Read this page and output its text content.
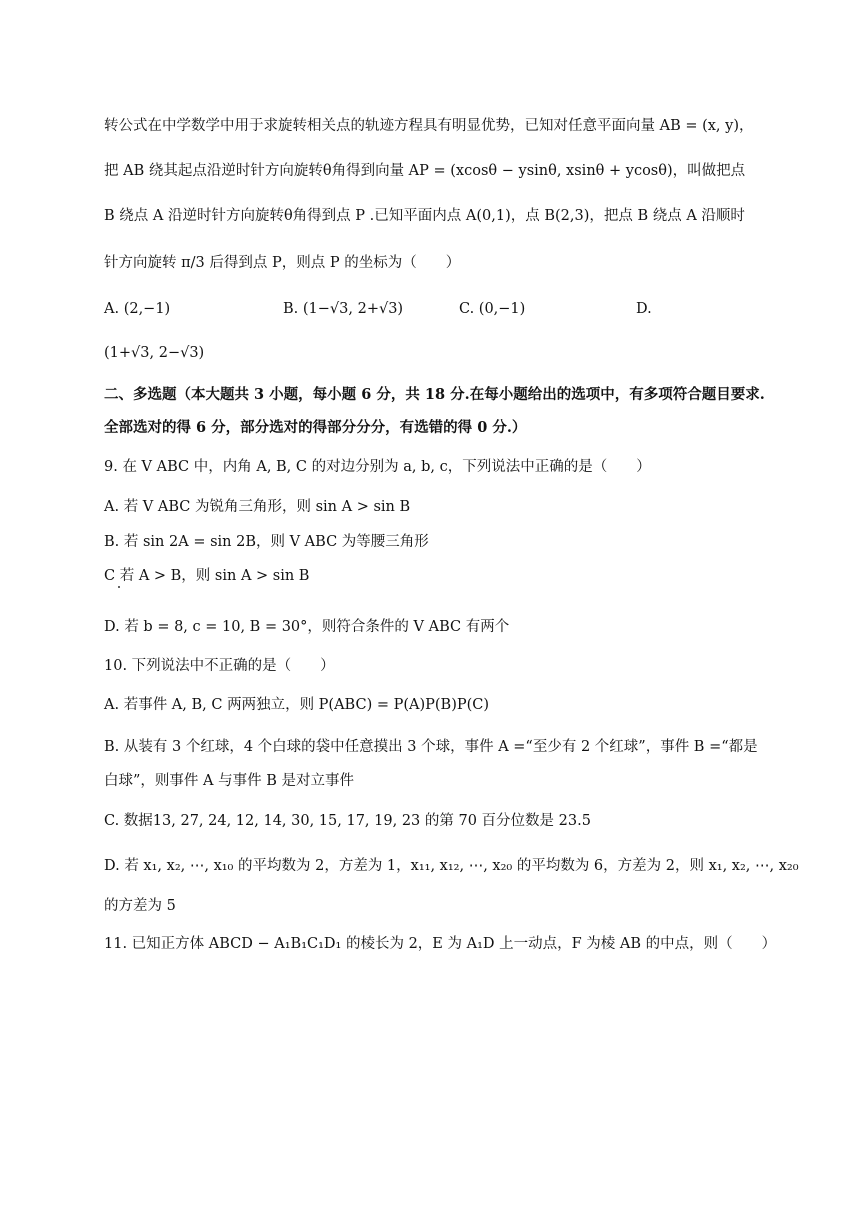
转公式在中学数学中用于求旋转相关点的轨迹方程具有明显优势，已知对任意平面向量 AB = (x, y)，
把 AB 绕其起点沿逆时针方向旋转θ角得到向量 AP = (xcosθ − ysinθ, xsinθ + ycosθ)，叫做把点
B 绕点 A 沿逆时针方向旋转θ角得到点 P .已知平面内点 A(0,1)，点 B(2,3)，把点 B 绕点 A 沿顺时
针方向旋转 π/3 后得到点 P，则点 P 的坐标为（　　）
A. (2,−1)	B. (1−√3, 2+√3)	C. (0,−1)	D.
(1+√3, 2−√3)
二、多选题（本大题共 3 小题，每小题 6 分，共 18 分.在每小题给出的选项中，有多项符合题目要求.
全部选对的得 6 分，部分选对的得部分分分，有选错的得 0 分.）
9. 在 V ABC 中，内角 A, B, C 的对边分别为 a, b, c，下列说法中正确的是（　　）
A. 若 V ABC 为锐角三角形，则 sin A > sin B
B. 若 sin 2A = sin 2B，则 V ABC 为等腰三角形
C 若 A > B，则 sin A > sin B
D. 若 b = 8, c = 10, B = 30°，则符合条件的 V ABC 有两个
10. 下列说法中不正确的是（　　）
A. 若事件 A, B, C 两两独立，则 P(ABC) = P(A)P(B)P(C)
B. 从装有 3 个红球，4 个白球的袋中任意摸出 3 个球，事件 A =“至少有 2 个红球”，事件 B =“都是
白球”，则事件 A 与事件 B 是对立事件
C. 数据13, 27, 24, 12, 14, 30, 15, 17, 19, 23 的第 70 百分位数是 23.5
D. 若 x₁, x₂, ⋯, x₁₀ 的平均数为 2，方差为 1，x₁₁, x₁₂, ⋯, x₂₀ 的平均数为 6，方差为 2，则 x₁, x₂, ⋯, x₂₀
的方差为 5
11. 已知正方体 ABCD − A₁B₁C₁D₁ 的棱长为 2，E 为 A₁D 上一动点，F 为棱 AB 的中点，则（　　）
